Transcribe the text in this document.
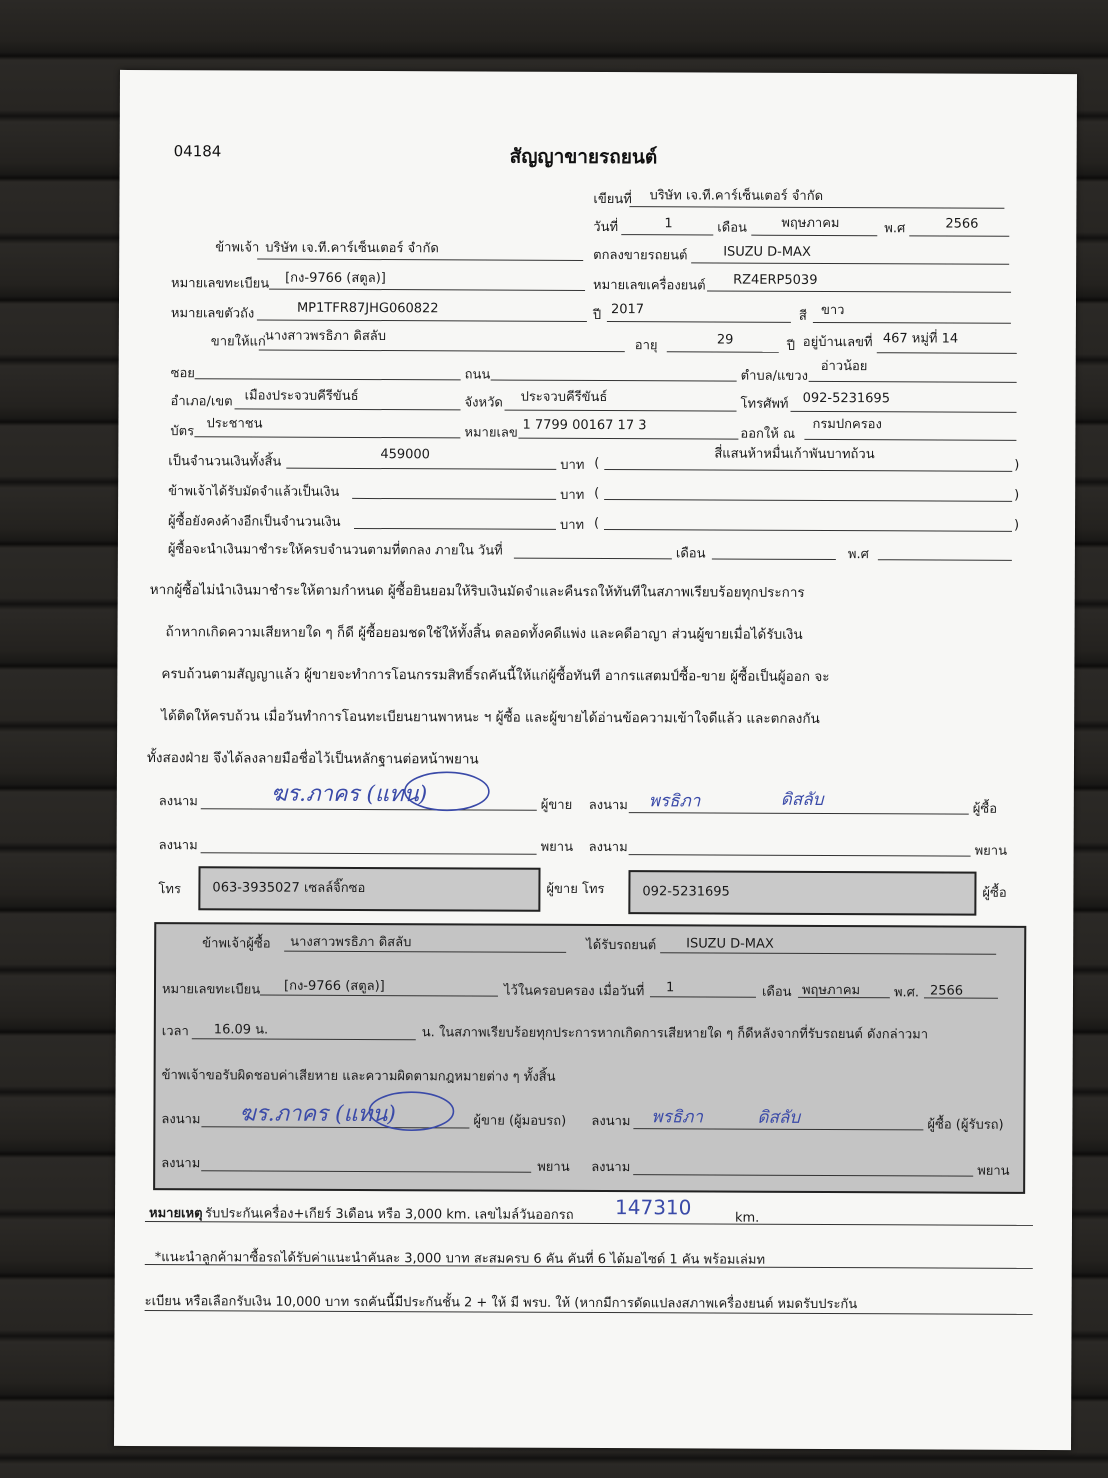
04184	สัญญาขายรถยนต์
เขียนที่ บริษัท เจ.ที.คาร์เซ็นเตอร์ จำกัด
วันที่	1	เดือน	พฤษภาคม	พ.ศ	2566
ข้าพเจ้า บริษัท เจ.ที.คาร์เซ็นเตอร์ จำกัด	ตกลงขายรถยนต์	ISUZU D-MAX
หมายเลขทะเบียน [กง-9766 (สตูล)]	หมายเลขเครื่องยนต์ RZ4ERP5039
หมายเลขตัวถัง	MP1TFR87JHG060822	ปี 2017	สี ขาว
ขายให้แก่
นางสาวพรธิภา ดิสลับ
อายุ	29	ปี อยู่บ้านเลขที่ 467 หมู่ที่ 14
ซอย	ถนน	ตำบล/แขวง
อ่าวน้อย
อำเภอ/เขต เมืองประจวบคีรีขันธ์	จังหวัด ประจวบคีรีขันธ์	โทรศัพท์ 092-5231695
บัตร
ประชาชน
หมายเลข 1 7799 00167 17 3
ออกให้ ณ
กรมปกครอง
เป็นจำนวนเงินทั้งสิ้น	459000
บาท (
สี่แสนห้าหมื่นเก้าพันบาทถ้วน
)
ข้าพเจ้าได้รับมัดจำแล้วเป็นเงิน	บาท (	)
ผู้ซื้อยังคงค้างอีกเป็นจำนวนเงิน	บาท (	)
ผู้ซื้อจะนำเงินมาชำระให้ครบจำนวนตามที่ตกลง ภายใน วันที่	เดือน	พ.ศ
หากผู้ซื้อไม่นำเงินมาชำระให้ตามกำหนด ผู้ซื้อยินยอมให้ริบเงินมัดจำและคืนรถให้ทันทีในสภาพเรียบร้อยทุกประการ
ถ้าหากเกิดความเสียหายใด ๆ ก็ดี ผู้ซื้อยอมชดใช้ให้ทั้งสิ้น ตลอดทั้งคดีแพ่ง และคดีอาญา ส่วนผู้ขายเมื่อได้รับเงิน
ครบถ้วนตามสัญญาแล้ว ผู้ขายจะทำการโอนกรรมสิทธิ์รถคันนี้ให้แก่ผู้ซื้อทันที อากรแสตมป์ซื้อ-ขาย ผู้ซื้อเป็นผู้ออก จะ
ได้ติดให้ครบถ้วน เมื่อวันทำการโอนทะเบียนยานพาหนะ ฯ ผู้ซื้อ และผู้ขายได้อ่านข้อความเข้าใจดีแล้ว และตกลงกัน
ทั้งสองฝ่าย จึงได้ลงลายมือชื่อไว้เป็นหลักฐานต่อหน้าพยาน
ลงนาม	ฆร.ภาคร (แทน)	ผู้ขาย ลงนาม พรธิภา	ดิสลับ	ผู้ซื้อ
ลงนาม	พยาน ลงนาม	พยาน
โทร 063-3935027 เซลล์จิ๊กซอ	ผู้ขาย โทร	092-5231695	ผู้ซื้อ
ข้าพเจ้าผู้ซื้อ นางสาวพรธิภา ดิสลับ	ได้รับรถยนต์ ISUZU D-MAX
หมายเลขทะเบียน [กง-9766 (สตูล)]	ไว้ในครอบครอง เมื่อวันที่ 1	เดือน พฤษภาคม	พ.ศ. 2566
เวลา 16.09 น.	น. ในสภาพเรียบร้อยทุกประการหากเกิดการเสียหายใด ๆ ก็ดีหลังจากที่รับรถยนต์ ดังกล่าวมา
ข้าพเจ้าขอรับผิดชอบค่าเสียหาย และความผิดตามกฎหมายต่าง ๆ ทั้งสิ้น
ลงนาม ฆร.ภาคร (แทน)	ผู้ขาย (ผู้มอบรถ) ลงนาม พรธิภา	ดิสลับ	ผู้ซื้อ (ผู้รับรถ)
ลงนาม	พยาน ลงนาม	พยาน
หมายเหตุ รับประกันเครื่อง+เกียร์ 3เดือน หรือ 3,000 km. เลขไมล์วันออกรถ 147310	km.
*แนะนำลูกค้ามาซื้อรถได้รับค่าแนะนำคันละ 3,000 บาท สะสมครบ 6 คัน คันที่ 6 ได้มอไซด์ 1 คัน พร้อมเล่มท
ะเบียน หรือเลือกรับเงิน 10,000 บาท รถคันนี้มีประกันชั้น 2 + ให้ มี พรบ. ให้ (หากมีการดัดแปลงสภาพเครื่องยนต์ หมดรับประกัน
